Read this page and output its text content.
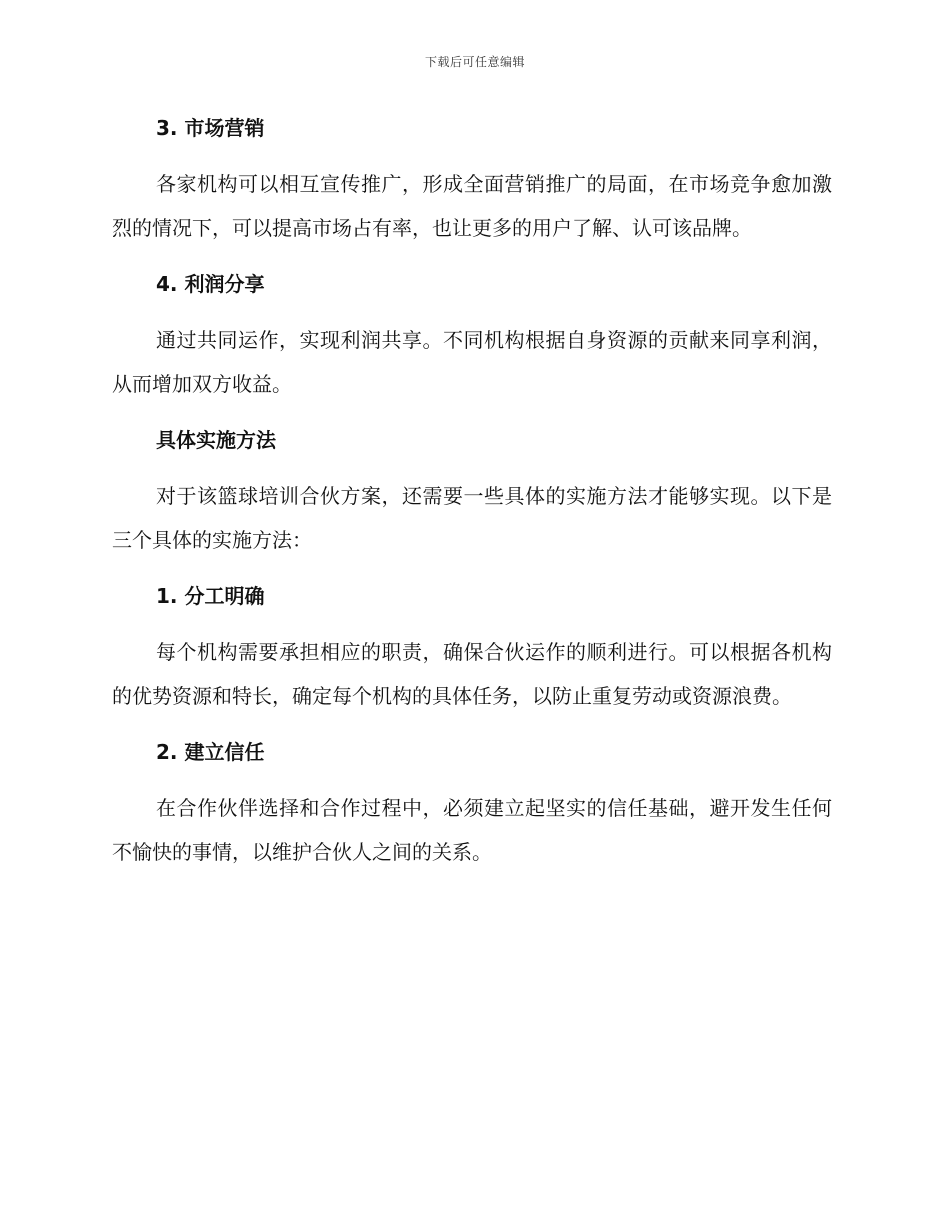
下载后可任意编辑
3. 市场营销

各家机构可以相互宣传推广，形成全面营销推广的局面，在市场竞争愈加激烈的情况下，可以提高市场占有率，也让更多的用户了解、认可该品牌。

4. 利润分享

通过共同运作，实现利润共享。不同机构根据自身资源的贡献来同享利润，从而增加双方收益。

具体实施方法

对于该篮球培训合伙方案，还需要一些具体的实施方法才能够实现。以下是三个具体的实施方法：

1. 分工明确

每个机构需要承担相应的职责，确保合伙运作的顺利进行。可以根据各机构的优势资源和特长，确定每个机构的具体任务，以防止重复劳动或资源浪费。

2. 建立信任

在合作伙伴选择和合作过程中，必须建立起坚实的信任基础，避开发生任何不愉快的事情，以维护合伙人之间的关系。
